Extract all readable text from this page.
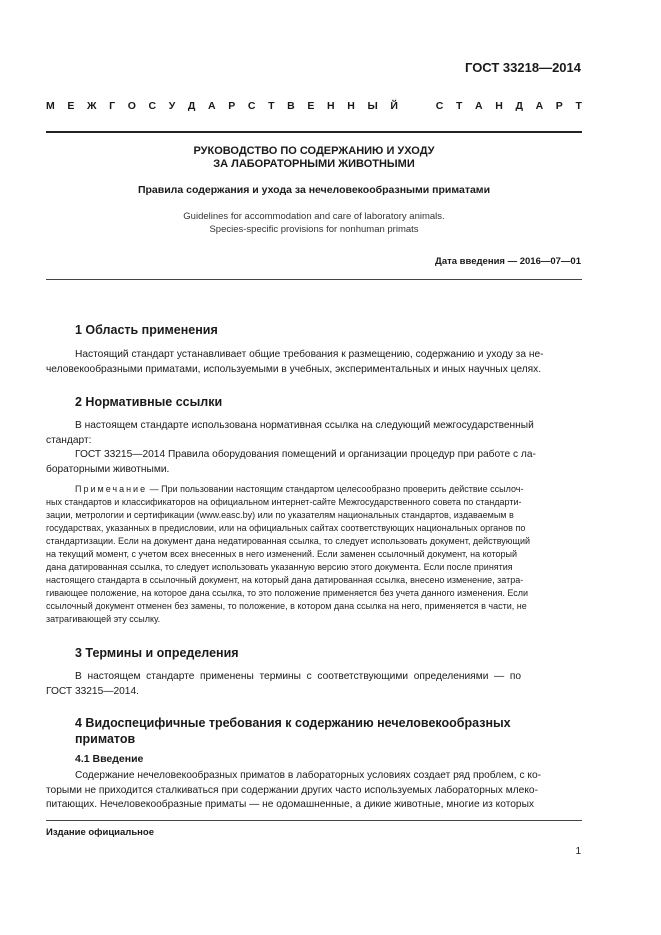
ГОСТ 33218—2014
М Е Ж Г О С У Д А Р С Т В Е Н Н Ы Й	С Т А Н Д А Р Т

РУКОВОДСТВО ПО СОДЕРЖАНИЮ И УХОДУ

ЗА ЛАБОРАТОРНЫМИ ЖИВОТНЫМИ

Правила содержания и ухода за нечеловекообразными приматами

Guidelines for accommodation and care of laboratory animals.

Species-specific provisions for nonhuman primats

Дата введения — 2016—07—01

1 Область применения

Настоящий стандарт устанавливает общие требования к размещению, содержанию и уходу за не-

человекообразными приматами, используемыми в учебных, экспериментальных и иных научных целях.

2 Нормативные ссылки

В настоящем стандарте использована нормативная ссылка на следующий межгосударственный

стандарт:

ГОСТ 33215—2014 Правила оборудования помещений и организации процедур при работе с ла-

бораторными животными.

Примечание — При пользовании настоящим стандартом целесообразно проверить действие ссылоч-

ных стандартов и классификаторов на официальном интернет-сайте Межгосударственного совета по стандарти-

зации, метрологии и сертификации (www.easc.by) или по указателям национальных стандартов, издаваемым в

государствах, указанных в предисловии, или на официальных сайтах соответствующих национальных органов по

стандартизации. Если на документ дана недатированная ссылка, то следует использовать документ, действующий

на текущий момент, с учетом всех внесенных в него изменений. Если заменен ссылочный документ, на который

дана датированная ссылка, то следует использовать указанную версию этого документа. Если после принятия

настоящего стандарта в ссылочный документ, на который дана датированная ссылка, внесено изменение, затра-

гивающее положение, на которое дана ссылка, то это положение применяется без учета данного изменения. Если

ссылочный документ отменен без замены, то положение, в котором дана ссылка на него, применяется в части, не

затрагивающей эту ссылку.

3 Термины и определения

В  настоящем  стандарте  применены  термины  с  соответствующими  определениями  —  по

ГОСТ 33215—2014.

4 Видоспецифичные требования к содержанию нечеловекообразных

приматов

4.1 Введение

Содержание нечеловекообразных приматов в лабораторных условиях создает ряд проблем, с ко-

торыми не приходится сталкиваться при содержании других часто используемых лабораторных млеко-

питающих. Нечеловекообразные приматы — не одомашненные, а дикие животные, многие из которых

Издание официальное
1
